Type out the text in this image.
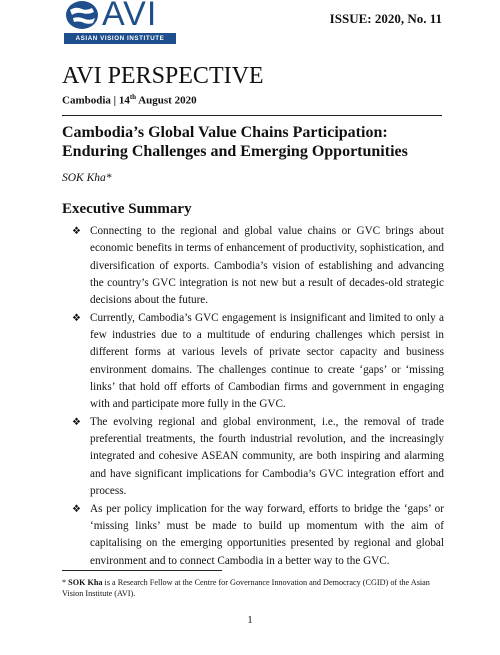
AVI
ASIAN VISION INSTITUTE
ISSUE: 2020, No. 11
AVI PERSPECTIVE
Cambodia | 14th August 2020
Cambodia’s Global Value Chains Participation: Enduring Challenges and Emerging Opportunities
SOK Kha*
Executive Summary
❖ Connecting to the regional and global value chains or GVC brings about economic benefits in terms of enhancement of productivity, sophistication, and diversification of exports. Cambodia’s vision of establishing and advancing the country’s GVC integration is not new but a result of decades-old strategic decisions about the future.
❖ Currently, Cambodia’s GVC engagement is insignificant and limited to only a few industries due to a multitude of enduring challenges which persist in different forms at various levels of private sector capacity and business environment domains. The challenges continue to create ‘gaps’ or ‘missing links’ that hold off efforts of Cambodian firms and government in engaging with and participate more fully in the GVC.
❖ The evolving regional and global environment, i.e., the removal of trade preferential treatments, the fourth industrial revolution, and the increasingly integrated and cohesive ASEAN community, are both inspiring and alarming and have significant implications for Cambodia’s GVC integration effort and process.
❖ As per policy implication for the way forward, efforts to bridge the ‘gaps’ or ‘missing links’ must be made to build up momentum with the aim of capitalising on the emerging opportunities presented by regional and global environment and to connect Cambodia in a better way to the GVC.
* SOK Kha is a Research Fellow at the Centre for Governance Innovation and Democracy (CGID) of the Asian Vision Institute (AVI).
1
